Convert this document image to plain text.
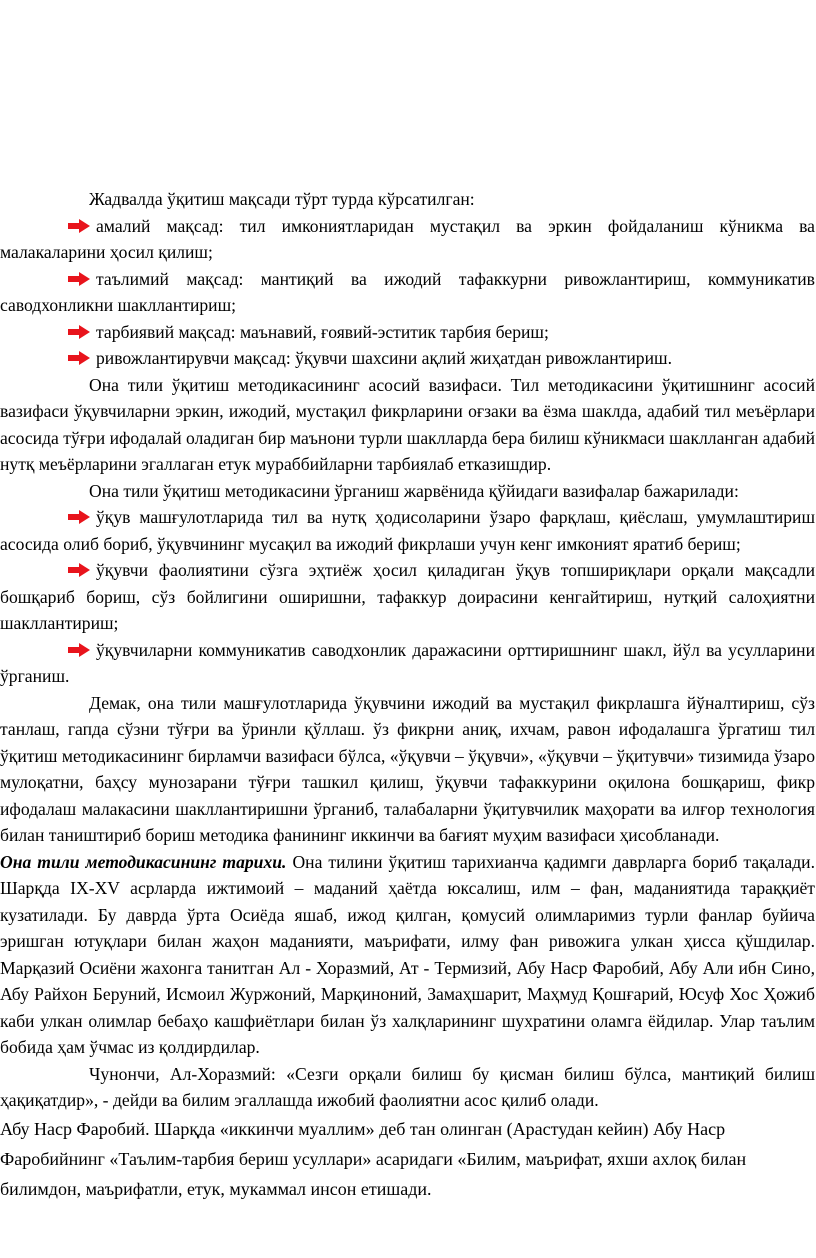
Жадвалда ўқитиш мақсади тўрт турда кўрсатилган:

амалий мақсад: тил имкониятларидан мустақил ва эркин фойдаланиш кўникма ва малакаларини ҳосил қилиш;

таълимий мақсад: мантиқий ва ижодий тафаккурни ривожлантириш, коммуникатив саводхонликни шакллантириш;

тарбиявий мақсад: маънавий, ғоявий-эститик тарбия бериш;

ривожлантирувчи мақсад: ўқувчи шахсини ақлий жиҳатдан ривожлантириш.

Она тили ўқитиш методикасининг асосий вазифаси. Тил методикасини ўқитишнинг асосий вазифаси ўқувчиларни эркин, ижодий, мустақил фикрларини оғзаки ва ёзма шаклда, адабий тил меъёрлари асосида тўғри ифодалай оладиган бир маънони турли шаклларда бера билиш кўникмаси шаклланган адабий нутқ меъёрларини эгаллаган етук мураббийларни тарбиялаб етказишдир.

Она тили ўқитиш методикасини ўрганиш жарвёнида қўйидаги вазифалар бажарилади:

ўқув машғулотларида тил ва нутқ ҳодисоларини ўзаро фарқлаш, қиёслаш, умумлаштириш асосида олиб бориб, ўқувчининг мусақил ва ижодий фикрлаши учун кенг имконият яратиб бериш;

ўқувчи фаолиятини сўзга эҳтиёж ҳосил қиладиган ўқув топшириқлари орқали мақсадли бошқариб бориш, сўз бойлигини оширишни, тафаккур доирасини кенгайтириш, нутқий салоҳиятни шакллантириш;

ўқувчиларни коммуникатив саводхонлик даражасини орттиришнинг шакл, йўл ва усулларини ўрганиш.

Демак, она тили машғулотларида ўқувчини ижодий ва мустақил фикрлашга йўналтириш, сўз танлаш, гапда сўзни тўғри ва ўринли қўллаш. ўз фикрни аниқ, ихчам, равон ифодалашга ўргатиш тил ўқитиш методикасининг бирламчи вазифаси бўлса, «ўқувчи – ўқувчи», «ўқувчи – ўқитувчи» тизимида ўзаро мулоқатни, баҳсу мунозарани тўғри ташкил қилиш, ўқувчи тафаккурини оқилона бошқариш, фикр ифодалаш малакасини шакллантиришни ўрганиб, талабаларни ўқитувчилик маҳорати ва илғор технология билан таништириб бориш методика фанининг иккинчи ва бағият муҳим вазифаси ҳисобланади.

Она тили методикасининг тарихи. Она тилини ўқитиш тарихианча қадимги даврларга бориб тақалади. Шарқда IX-XV асрларда ижтимоий – маданий ҳаётда юксалиш, илм – фан, маданиятида тараққиёт кузатилади. Бу даврда ўрта Осиёда яшаб, ижод қилган, қомусий олимларимиз турли фанлар буйича эришган ютуқлари билан жаҳон маданияти, маърифати, илму фан ривожига улкан ҳисса қўшдилар. Марқазий Осиёни жахонга танитган Ал - Хоразмий, Ат - Термизий, Абу Наср Фаробий, Абу Али ибн Сино, Абу Райхон Беруний, Исмоил Журжоний, Марқиноний, Замаҳшарит, Маҳмуд Қошғарий, Юсуф Хос Ҳожиб каби улкан олимлар бебаҳо кашфиётлари билан ўз халқларининг шухратини оламга ёйдилар. Улар таълим бобида ҳам ўчмас из қолдирдилар.

Чунончи, Ал-Хоразмий: «Сезги орқали билиш бу қисман билиш бўлса, мантиқий билиш ҳақиқатдир», - дейди ва билим эгаллашда ижобий фаолиятни асос қилиб олади.

Абу Наср Фаробий. Шарқда «иккинчи муаллим» деб тан олинган (Арастудан кейин) Абу Наср Фаробийнинг «Таълим-тарбия бериш усуллари» асаридаги «Билим, маърифат, яхши ахлоқ билан билимдон, маърифатли, етук, мукаммал инсон етишади.
